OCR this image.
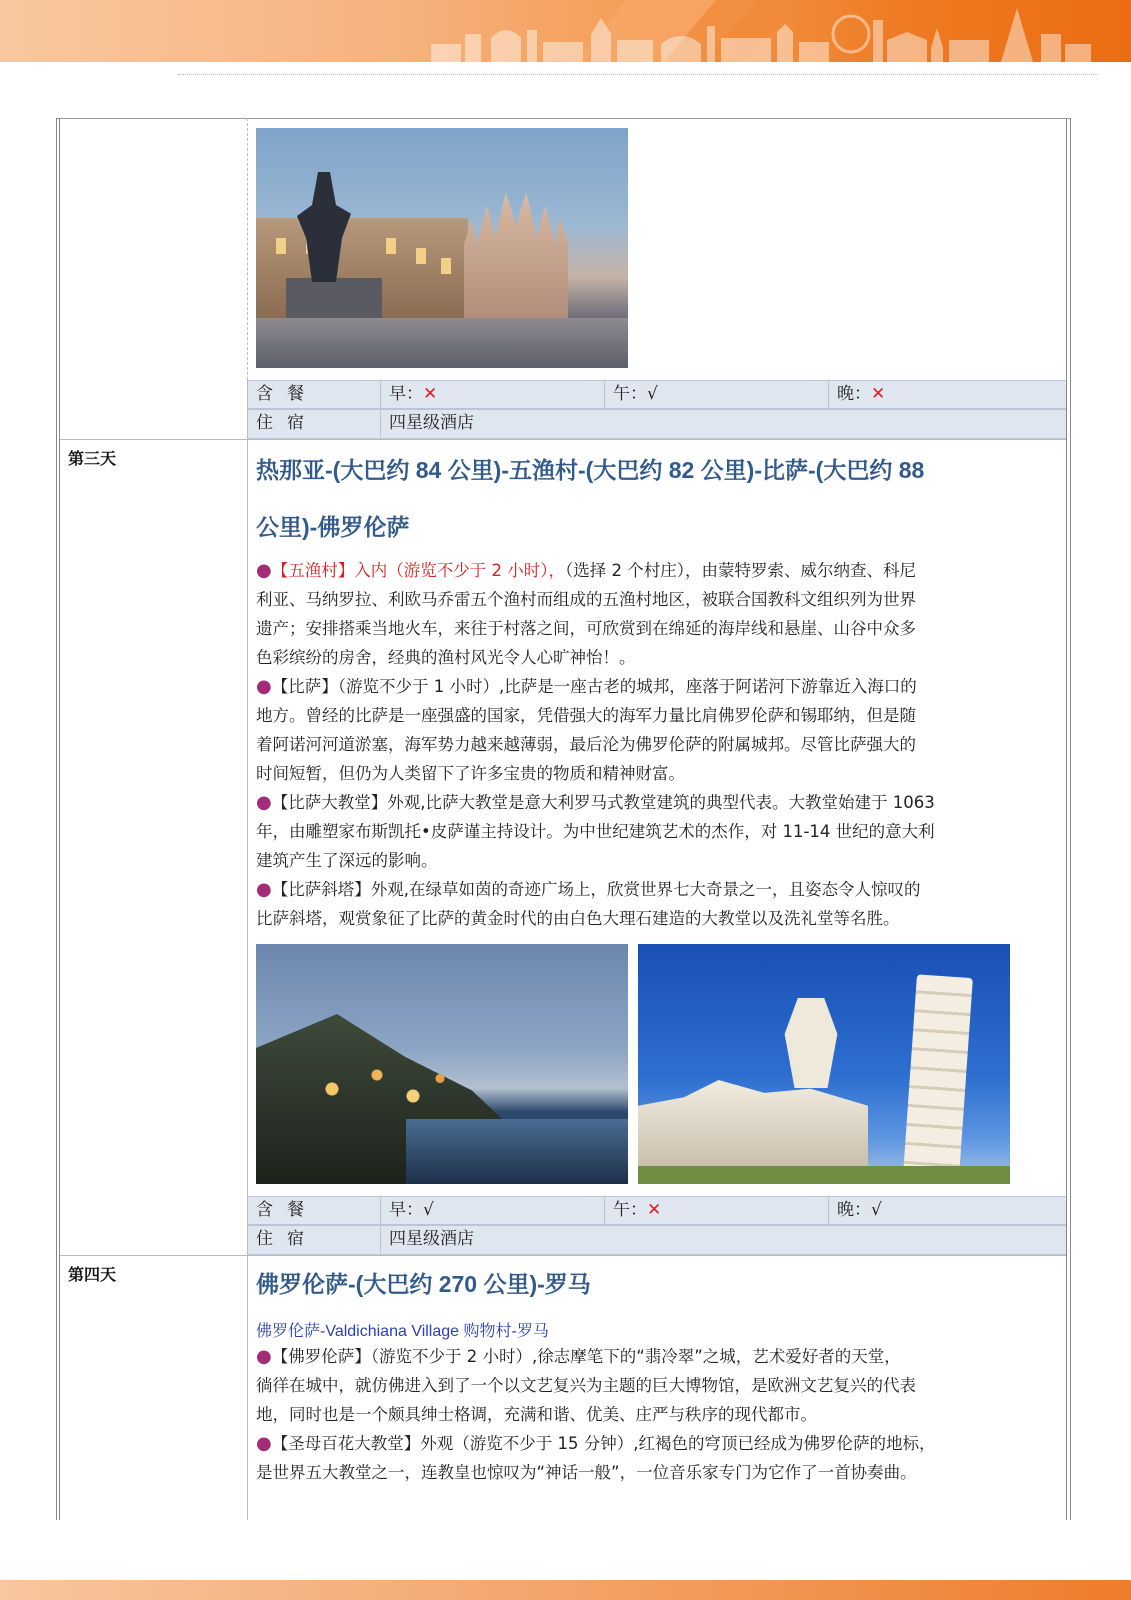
含餐	早：✕	午：√	晚：✕
住宿	四星级酒店
第三天	热那亚-(大巴约 84 公里)-五渔村-(大巴约 82 公里)-比萨-(大巴约 88
公里)-佛罗伦萨
●【五渔村】入内（游览不少于 2 小时），（选择 2 个村庄），由蒙特罗索、威尔纳查、科尼
利亚、马纳罗拉、利欧马乔雷五个渔村而组成的五渔村地区，被联合国教科文组织列为世界
遗产；安排搭乘当地火车，来往于村落之间，可欣赏到在绵延的海岸线和悬崖、山谷中众多
色彩缤纷的房舍，经典的渔村风光令人心旷神怡！。
●【比萨】（游览不少于 1 小时）,比萨是一座古老的城邦，座落于阿诺河下游靠近入海口的
地方。曾经的比萨是一座强盛的国家，凭借强大的海军力量比肩佛罗伦萨和锡耶纳，但是随
着阿诺河河道淤塞，海军势力越来越薄弱，最后沦为佛罗伦萨的附属城邦。尽管比萨强大的
时间短暂，但仍为人类留下了许多宝贵的物质和精神财富。
●【比萨大教堂】外观,比萨大教堂是意大利罗马式教堂建筑的典型代表。大教堂始建于 1063
年，由雕塑家布斯凯托•皮萨谨主持设计。为中世纪建筑艺术的杰作，对 11-14 世纪的意大利
建筑产生了深远的影响。
●【比萨斜塔】外观,在绿草如茵的奇迹广场上，欣赏世界七大奇景之一，且姿态令人惊叹的
比萨斜塔，观赏象征了比萨的黄金时代的由白色大理石建造的大教堂以及洗礼堂等名胜。
含餐	早：√	午：✕	晚：√
住宿	四星级酒店
第四天	佛罗伦萨-(大巴约 270 公里)-罗马
佛罗伦萨-Valdichiana Village 购物村-罗马
●【佛罗伦萨】（游览不少于 2 小时）,徐志摩笔下的“翡冷翠”之城，艺术爱好者的天堂，
徜徉在城中，就仿佛进入到了一个以文艺复兴为主题的巨大博物馆，是欧洲文艺复兴的代表
地，同时也是一个颇具绅士格调，充满和谐、优美、庄严与秩序的现代都市。
●【圣母百花大教堂】外观（游览不少于 15 分钟）,红褐色的穹顶已经成为佛罗伦萨的地标，
是世界五大教堂之一，连教皇也惊叹为“神话一般”，一位音乐家专门为它作了一首协奏曲。
